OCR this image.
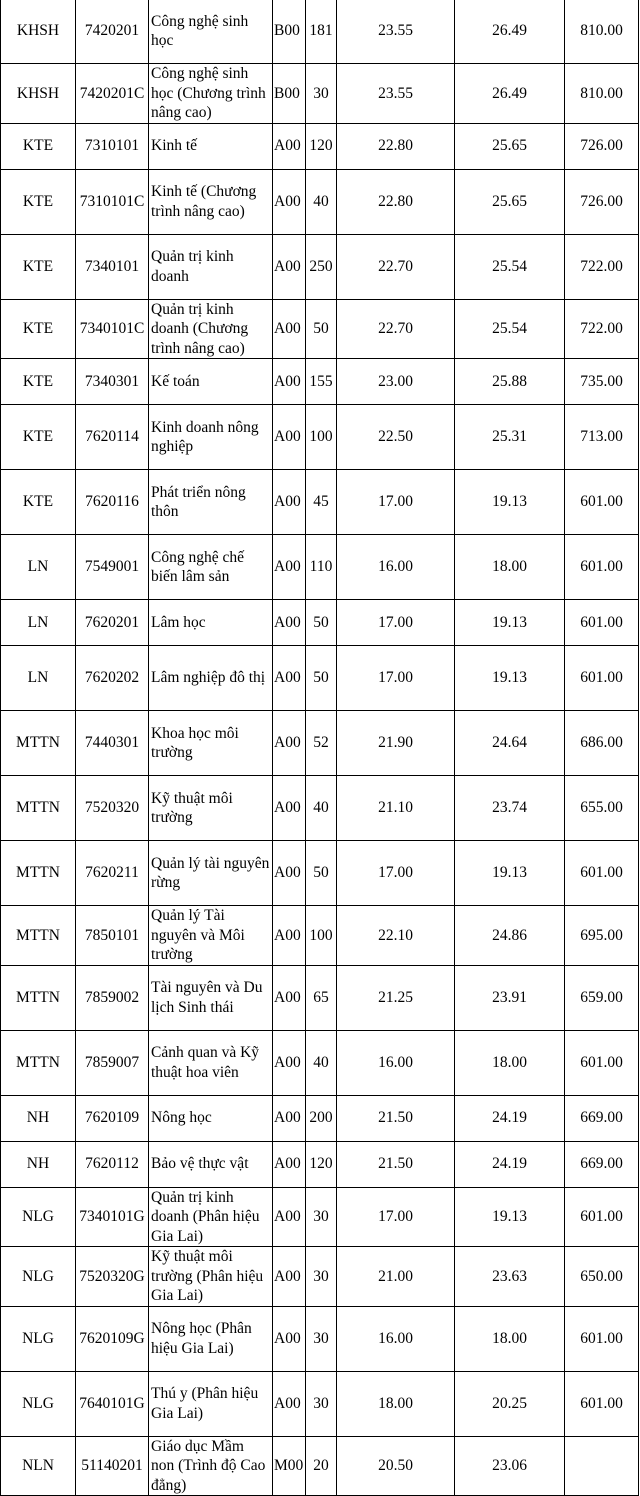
KHSH	7420201	Công nghệ sinh học	B00	181	23.55	26.49	810.00
KHSH	7420201C	Công nghệ sinh học (Chương trình nâng cao)	B00	30	23.55	26.49	810.00
KTE	7310101	Kinh tế	A00	120	22.80	25.65	726.00
KTE	7310101C	Kinh tế (Chương trình nâng cao)	A00	40	22.80	25.65	726.00
KTE	7340101	Quản trị kinh doanh	A00	250	22.70	25.54	722.00
KTE	7340101C	Quản trị kinh doanh (Chương trình nâng cao)	A00	50	22.70	25.54	722.00
KTE	7340301	Kế toán	A00	155	23.00	25.88	735.00
KTE	7620114	Kinh doanh nông nghiệp	A00	100	22.50	25.31	713.00
KTE	7620116	Phát triển nông thôn	A00	45	17.00	19.13	601.00
LN	7549001	Công nghệ chế biến lâm sản	A00	110	16.00	18.00	601.00
LN	7620201	Lâm học	A00	50	17.00	19.13	601.00
LN	7620202	Lâm nghiệp đô thị	A00	50	17.00	19.13	601.00
MTTN	7440301	Khoa học môi trường	A00	52	21.90	24.64	686.00
MTTN	7520320	Kỹ thuật môi trường	A00	40	21.10	23.74	655.00
MTTN	7620211	Quản lý tài nguyên rừng	A00	50	17.00	19.13	601.00
MTTN	7850101	Quản lý Tài nguyên và Môi trường	A00	100	22.10	24.86	695.00
MTTN	7859002	Tài nguyên và Du lịch Sinh thái	A00	65	21.25	23.91	659.00
MTTN	7859007	Cảnh quan và Kỹ thuật hoa viên	A00	40	16.00	18.00	601.00
NH	7620109	Nông học	A00	200	21.50	24.19	669.00
NH	7620112	Bảo vệ thực vật	A00	120	21.50	24.19	669.00
NLG	7340101G	Quản trị kinh doanh (Phân hiệu Gia Lai)	A00	30	17.00	19.13	601.00
NLG	7520320G	Kỹ thuật môi trường (Phân hiệu Gia Lai)	A00	30	21.00	23.63	650.00
NLG	7620109G	Nông học (Phân hiệu Gia Lai)	A00	30	16.00	18.00	601.00
NLG	7640101G	Thú y (Phân hiệu Gia Lai)	A00	30	18.00	20.25	601.00
NLN	51140201	Giáo dục Mầm non (Trình độ Cao đẳng)	M00	20	20.50	23.06	
